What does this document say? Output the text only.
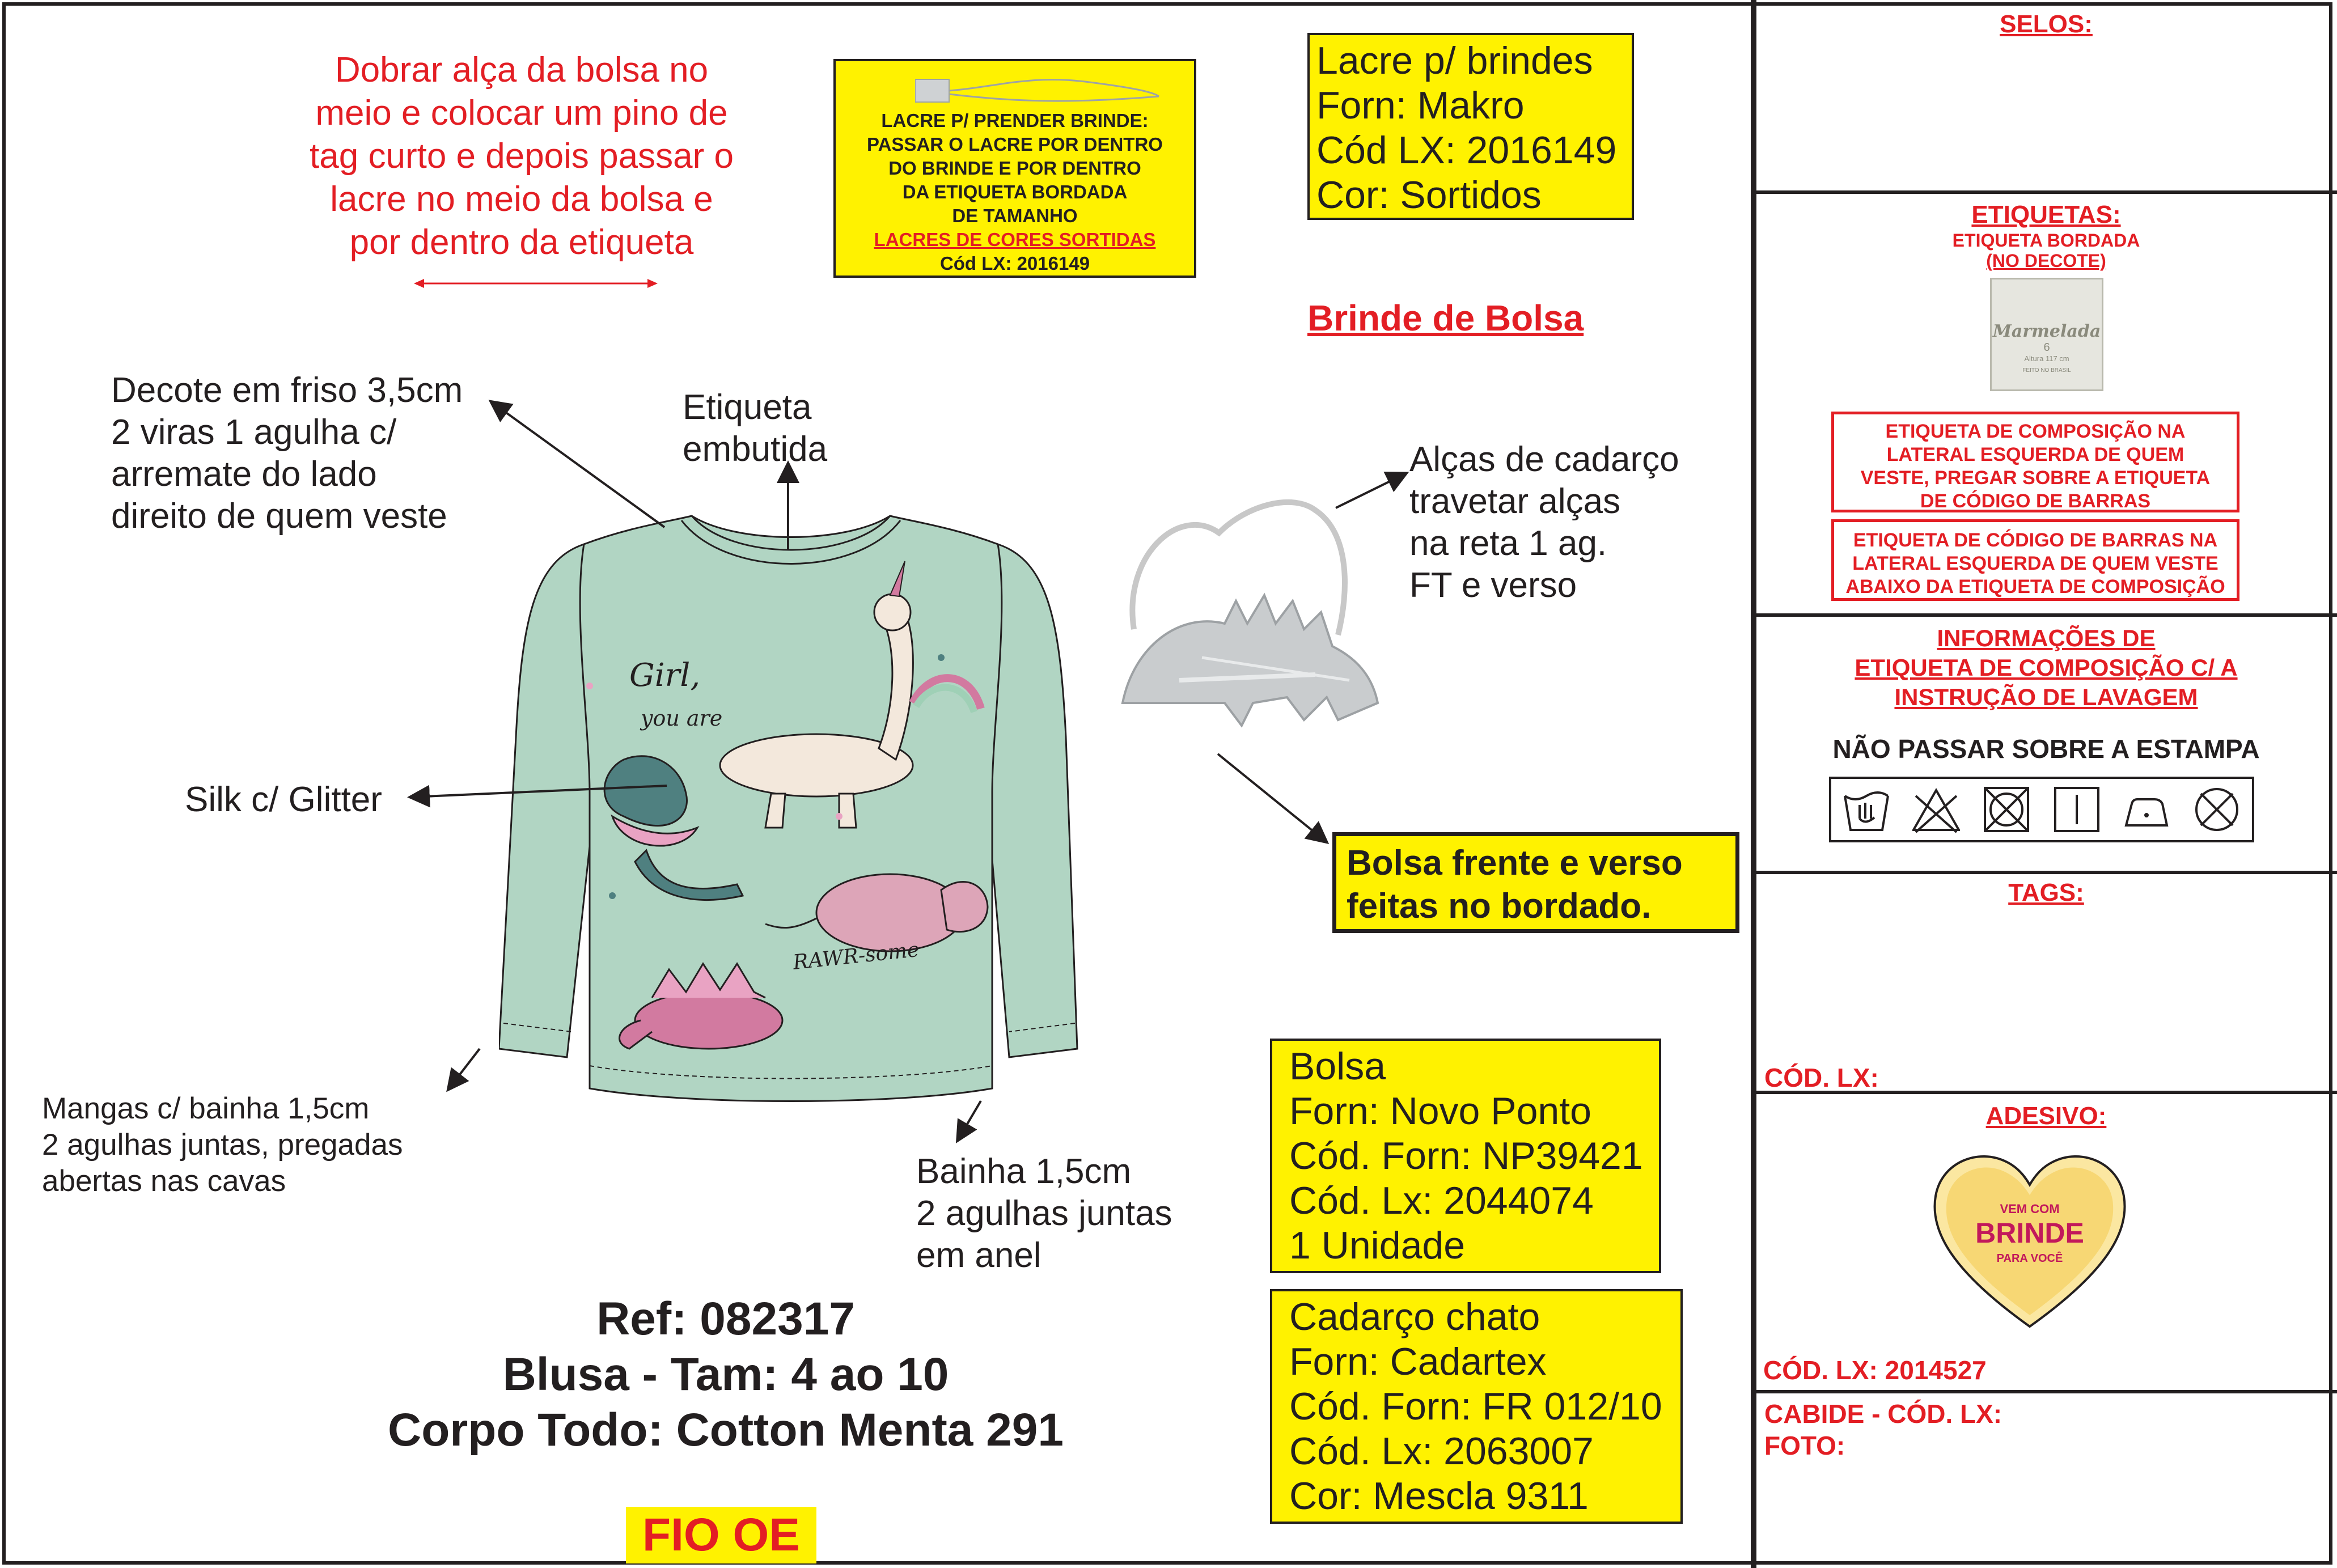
Dobrar alça da bolsa no
meio e colocar um pino de
tag curto e depois passar o
lacre no meio da bolsa e
por dentro da etiqueta
LACRE P/ PRENDER BRINDE:
PASSAR O LACRE POR DENTRO
DO BRINDE E POR DENTRO
DA ETIQUETA BORDADA
DE TAMANHO
LACRES DE CORES SORTIDAS
Cód LX: 2016149
Lacre p/ brindes
Forn: Makro
Cód LX: 2016149
Cor: Sortidos
Brinde de Bolsa
Decote em friso 3,5cm
2 viras 1 agulha c/
arremate do lado
direito de quem veste
Etiqueta
embutida
Silk c/ Glitter
Mangas c/ bainha 1,5cm
2 agulhas juntas, pregadas
abertas nas cavas	Bainha 1,5cm
2 agulhas juntas
em anel
Alças de cadarço
travetar alças
na reta 1 ag.
FT e verso
Girl,
you are
RAWR-some
Bolsa frente e verso
feitas no bordado.
Bolsa
Forn: Novo Ponto
Cód. Forn: NP39421
Cód. Lx: 2044074
1 Unidade
Cadarço chato
Forn: Cadartex
Cód. Forn: FR 012/10
Cód. Lx: 2063007
Cor: Mescla 9311
Ref: 082317
Blusa - Tam: 4 ao 10
Corpo Todo: Cotton Menta 291
FIO OE
SELOS:
ETIQUETAS:
ETIQUETA BORDADA
(NO DECOTE)
Marmelada
6
Altura 117 cm
FEITO NO BRASIL
ETIQUETA DE COMPOSIÇÃO NA
LATERAL ESQUERDA DE QUEM
VESTE, PREGAR SOBRE A ETIQUETA
DE CÓDIGO DE BARRAS
ETIQUETA DE CÓDIGO DE BARRAS NA
LATERAL ESQUERDA DE QUEM VESTE
ABAIXO DA ETIQUETA DE COMPOSIÇÃO
INFORMAÇÕES DE
ETIQUETA DE COMPOSIÇÃO C/ A
INSTRUÇÃO DE LAVAGEM
NÃO PASSAR SOBRE A ESTAMPA
TAGS:
CÓD. LX:
ADESIVO:
VEM COM
BRINDE
PARA VOCÊ
CÓD. LX: 2014527
CABIDE - CÓD. LX:
FOTO:
